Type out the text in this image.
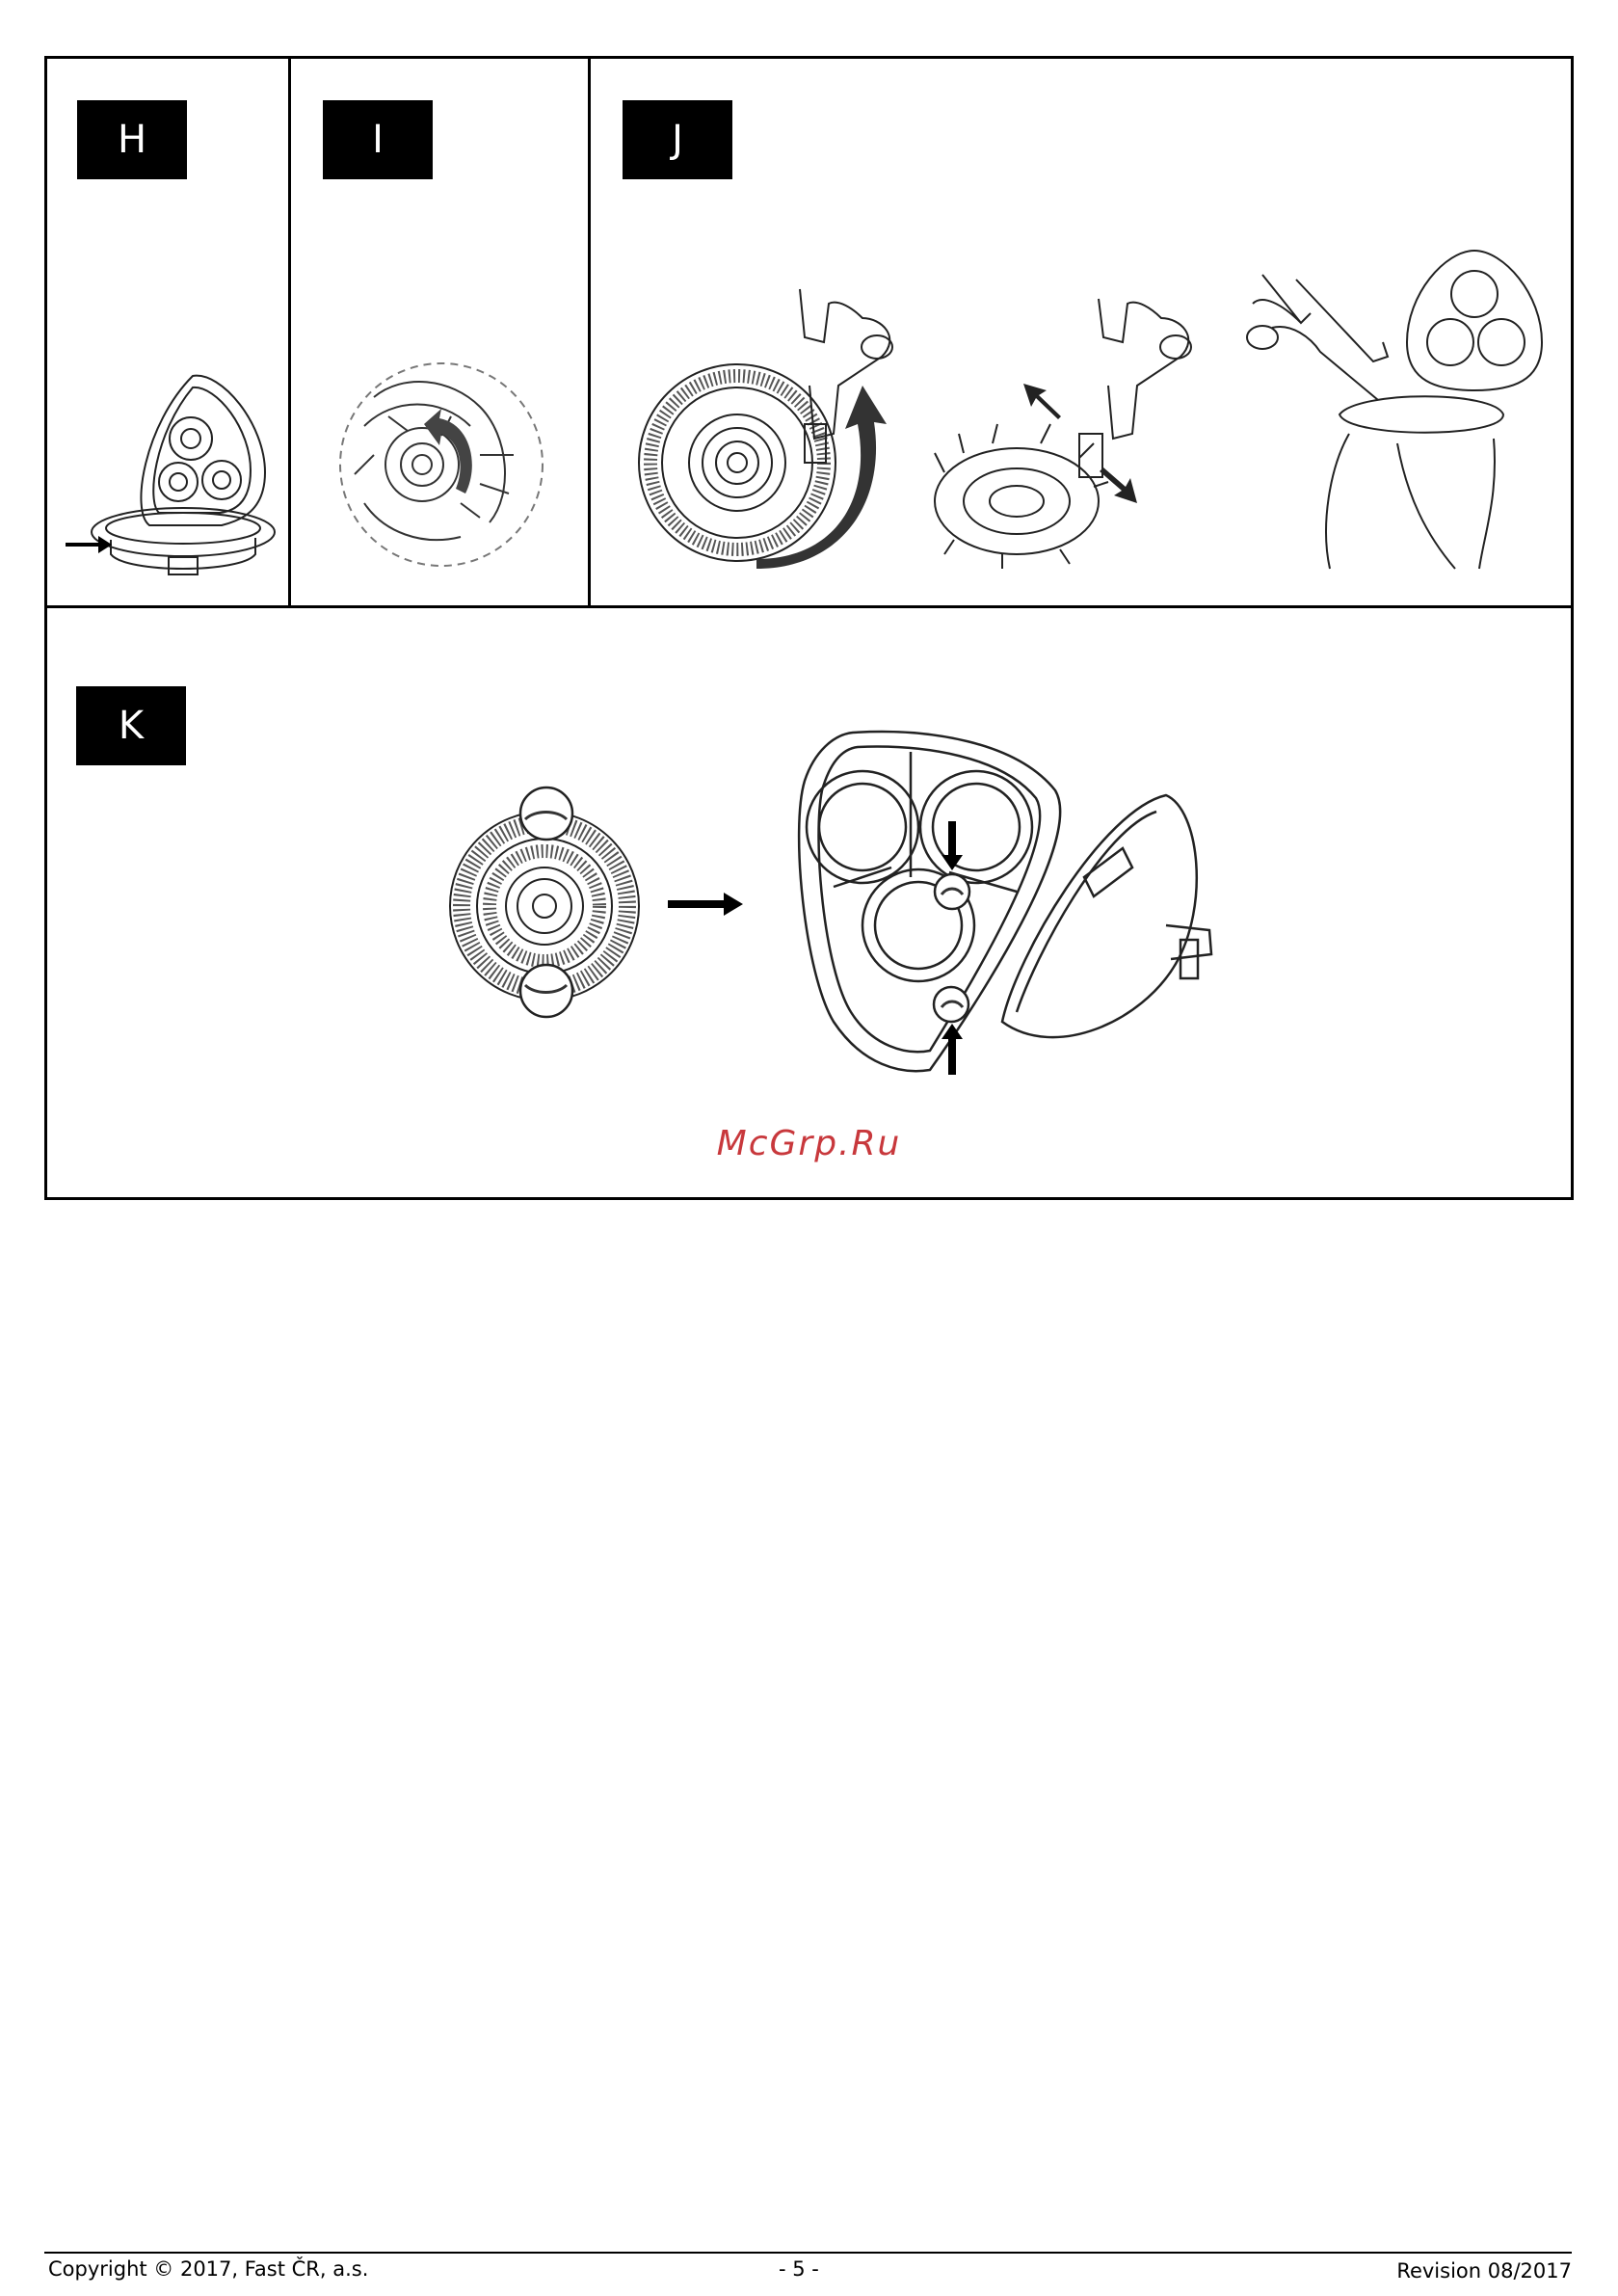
H	I	J
K
McGrp.Ru
Copyright © 2017, Fast ČR, a.s.	- 5 -	Revision 08/2017
